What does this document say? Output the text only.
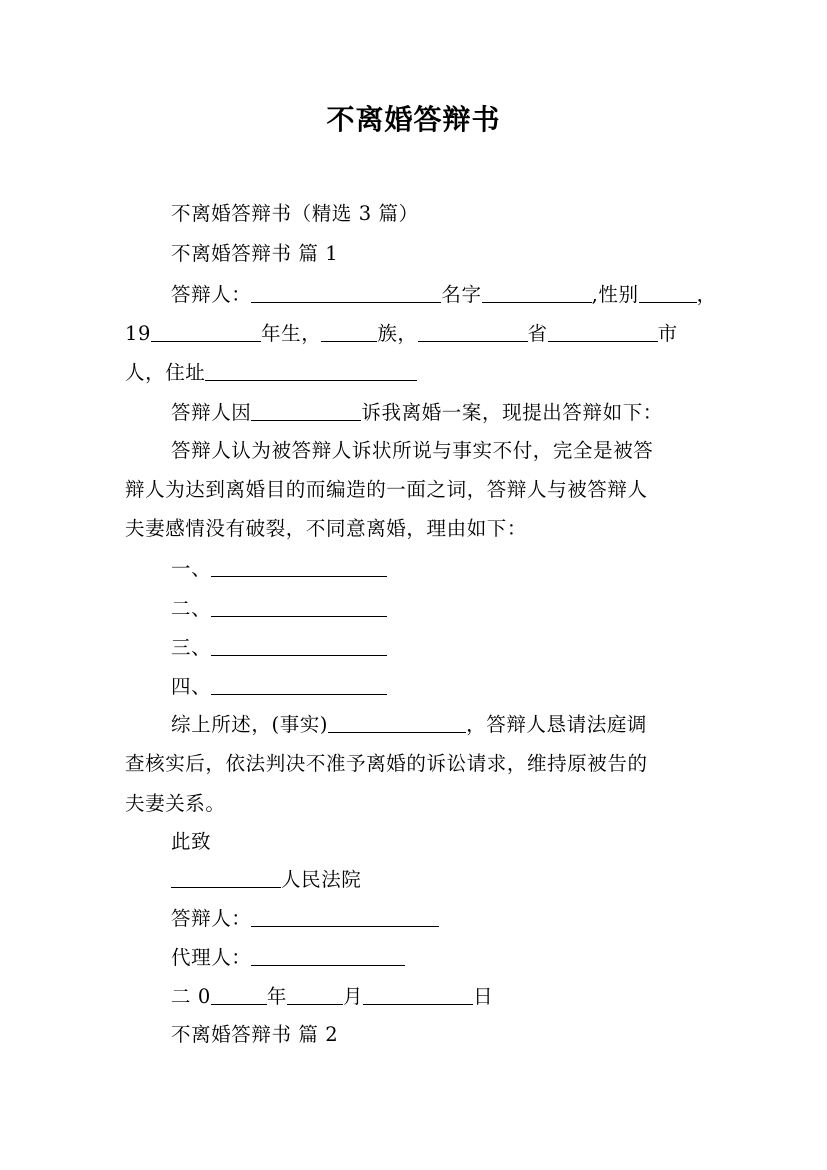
不离婚答辩书
不离婚答辩书（精选 3 篇）
不离婚答辩书 篇 1
答辩人：	名字	,性别	，
19	年生，	族，	省	市
人，住址
答辩人因	诉我离婚一案，现提出答辩如下：
答辩人认为被答辩人诉状所说与事实不付，完全是被答
辩人为达到离婚目的而编造的一面之词，答辩人与被答辩人
夫妻感情没有破裂，不同意离婚，理由如下：
一、
二、
三、
四、
综上所述，(事实)	，答辩人恳请法庭调
查核实后，依法判决不准予离婚的诉讼请求，维持原被告的
夫妻关系。
此致
人民法院
答辩人：
代理人：
二 0	年	月	日
不离婚答辩书 篇 2
